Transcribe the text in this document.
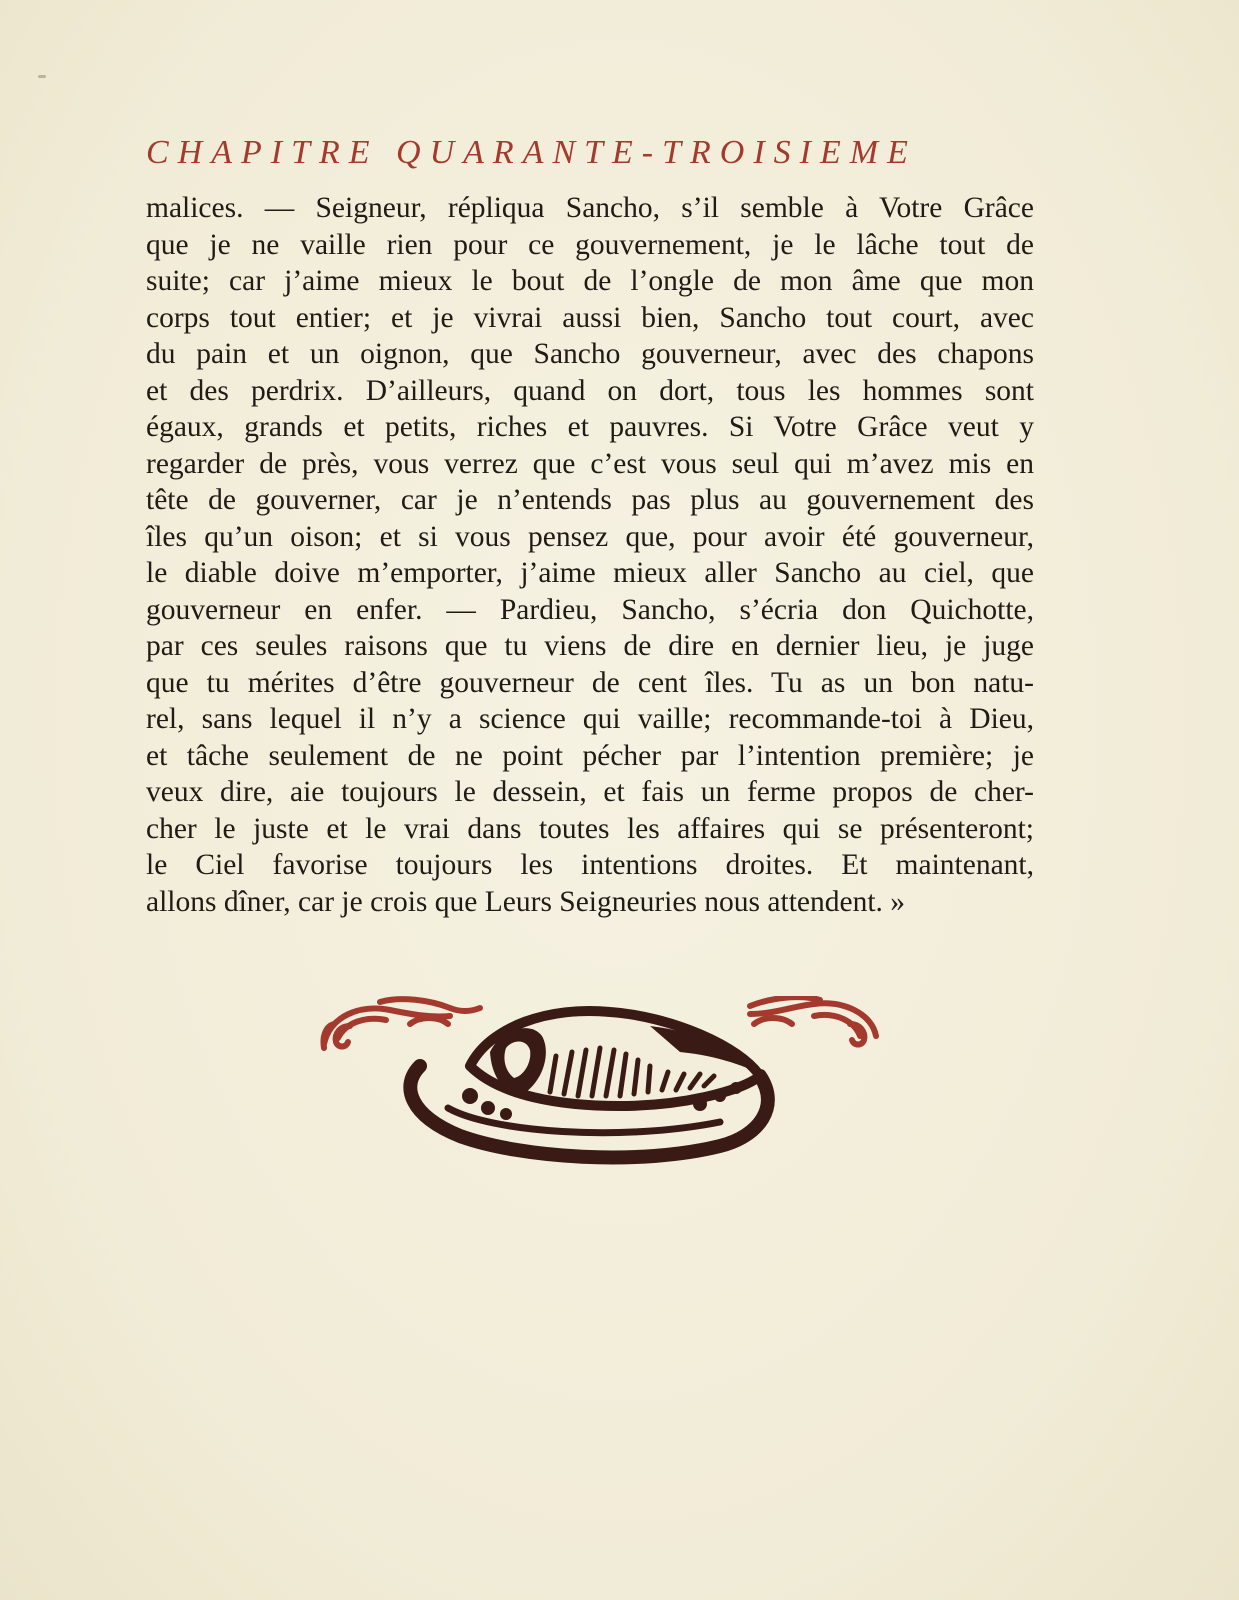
CHAPITRE QUARANTE-TROISIEME
malices. — Seigneur, répliqua Sancho, s’il semble à Votre Grâce
que je ne vaille rien pour ce gouvernement, je le lâche tout de
suite; car j’aime mieux le bout de l’ongle de mon âme que mon
corps tout entier; et je vivrai aussi bien, Sancho tout court, avec
du pain et un oignon, que Sancho gouverneur, avec des chapons
et des perdrix. D’ailleurs, quand on dort, tous les hommes sont
égaux, grands et petits, riches et pauvres. Si Votre Grâce veut y
regarder de près, vous verrez que c’est vous seul qui m’avez mis en
tête de gouverner, car je n’entends pas plus au gouvernement des
îles qu’un oison; et si vous pensez que, pour avoir été gouverneur,
le diable doive m’emporter, j’aime mieux aller Sancho au ciel, que
gouverneur en enfer. — Pardieu, Sancho, s’écria don Quichotte,
par ces seules raisons que tu viens de dire en dernier lieu, je juge
que tu mérites d’être gouverneur de cent îles. Tu as un bon natu-
rel, sans lequel il n’y a science qui vaille; recommande-toi à Dieu,
et tâche seulement de ne point pécher par l’intention première; je
veux dire, aie toujours le dessein, et fais un ferme propos de cher-
cher le juste et le vrai dans toutes les affaires qui se présenteront;
le Ciel favorise toujours les intentions droites. Et maintenant,
allons dîner, car je crois que Leurs Seigneuries nous attendent. »
